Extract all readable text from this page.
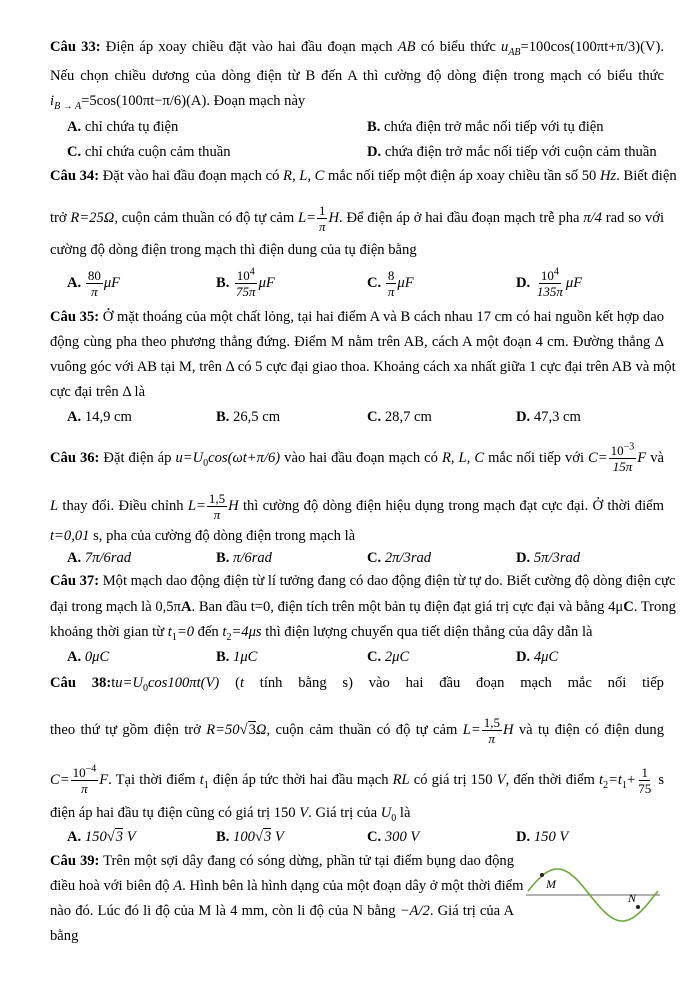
Câu 33: Điện áp xoay chiều đặt vào hai đầu đoạn mạch AB có biểu thức $u_{AB}=100\cos(100\pi t+\pi/3)(V)$.
Nếu chọn chiều dương của dòng điện từ B đến A thì cường độ dòng điện trong mạch có biểu thức
$i_{B \to A}=5\cos(100\pi t-\pi/6)(A)$. Đoạn mạch này
A. chỉ chứa tụ điện	B. chứa điện trở mắc nối tiếp với tụ điện
C. chỉ chứa cuộn cảm thuần	D. chứa điện trở mắc nối tiếp với cuộn cảm thuần
Câu 34: Đặt vào hai đầu đoạn mạch có R, L, C mắc nối tiếp một điện áp xoay chiều tần số 50 Hz. Biết điện
trở R=25Ω, cuộn cảm thuần có độ tự cảm $L= \frac{1}{\pi} H$. Để điện áp ở hai đầu đoạn mạch trễ pha π/4 rad so với
cường độ dòng điện trong mạch thì điện dung của tụ điện bằng
A. $\frac{80}{\pi}$ μF	B. $\frac{10^4}{75\pi}$ μF	C. $\frac{8}{\pi}$ μF	D. $\frac{10^4}{135\pi}$ μF
Câu 35: Ở mặt thoáng của một chất lỏng, tại hai điểm A và B cách nhau 17 cm có hai nguồn kết hợp dao
động cùng pha theo phương thẳng đứng. Điểm M nằm trên AB, cách A một đoạn 4 cm. Đường thẳng Δ
vuông góc với AB tại M, trên Δ có 5 cực đại giao thoa. Khoảng cách xa nhất giữa 1 cực đại trên AB và một
cực đại trên Δ là
A. 14,9 cm	B. 26,5 cm	C. 28,7 cm	D. 47,3 cm
Câu 36: Đặt điện áp $u=U_0\cos(\omega t+\pi/6)$ vào hai đầu đoạn mạch có R, L, C mắc nối tiếp với $C= \frac{10^{-3}}{15\pi}$ F và
L thay đổi. Điều chỉnh $L= \frac{1,5}{\pi}$ H thì cường độ dòng điện hiệu dụng trong mạch đạt cực đại. Ở thời điểm
t=0,01 s, pha của cường độ dòng điện trong mạch là
A. 7π/6rad	B. π/6rad	C. 2π/3rad	D. 5π/3rad
Câu 37: Một mạch dao động điện từ lí tưởng đang có dao động điện từ tự do. Biết cường độ dòng điện cực
đại trong mạch là 0,5πA. Ban đầu t=0, điện tích trên một bản tụ điện đạt giá trị cực đại và bằng 4μC. Trong
khoảng thời gian từ $t_1=0$ đến $t_2=4\mu s$ thì điện lượng chuyển qua tiết diện thẳng của dây dẫn là
A. 0μC	B. 1μC	C. 2μC	D. 4μC
Câu $38:tu=U_0\cos 100\pi t(V)$ (t tính bằng s) vào hai đầu đoạn mạch mắc nối tiếp
theo thứ tự gồm điện trở R=50√3Ω, cuộn cảm thuần có độ tự cảm $L= \frac{1,5}{\pi}$ H và tụ điện có điện dung
$C= \frac{10^{-4}}{\pi} F$. Tại thời điểm $t_1$ điện áp tức thời hai đầu mạch RL có giá trị 150 V, đến thời điểm $t_2=t_1+ \frac{1}{75}$ s
điện áp hai đầu tụ điện cũng có giá trị 150 V. Giá trị của $U_0$ là
A. 150√3 V	B. 100√3 V	C. 300 V	D. 150 V
Câu 39: Trên một sợi dây đang có sóng dừng, phần tử tại điểm bụng dao động
điều hoà với biên độ A. Hình bên là hình dạng của một đoạn dây ở một thời điểm
nào đó. Lúc đó li độ của M là 4 mm, còn li độ của N bằng −A/2. Giá trị của A
bằng
M
N
